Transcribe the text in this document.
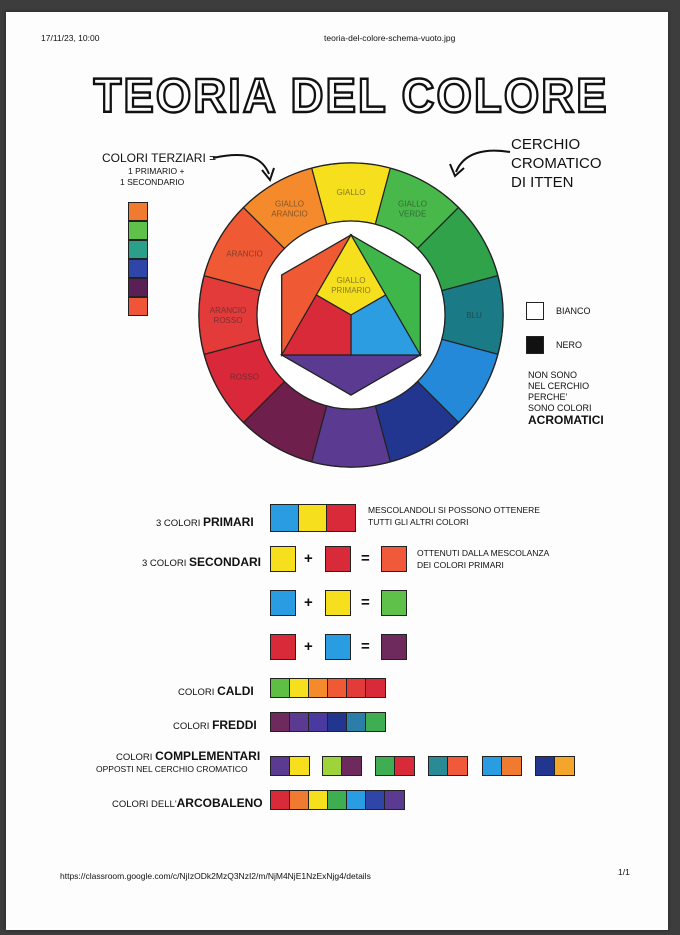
17/11/23, 10:00	teoria-del-colore-schema-vuoto.jpg
TEORIA DEL COLORE
COLORI TERZIARI =
1 PRIMARIO +
1 SECONDARIO
CERCHIO
CROMATICO
DI ITTEN
GIALLO
GIALLO
VERDE
BLU
ROSSO
ARANCIO
ROSSO
ARANCIO
GIALLO
ARANCIO
GIALLO
PRIMARIO
BIANCO
NERO
NON SONO
NEL CERCHIO
PERCHE'
SONO COLORI
ACROMATICI
3 COLORI PRIMARI
MESCOLANDOLI SI POSSONO OTTENERE
TUTTI GLI ALTRI COLORI
3 COLORI SECONDARI
OTTENUTI DALLA MESCOLANZA
DEI COLORI PRIMARI
+	=
+	=
+	=
COLORI CALDI
COLORI FREDDI
COLORI COMPLEMENTARI
OPPOSTI NEL CERCHIO CROMATICO
COLORI DELL'ARCOBALENO
https://classroom.google.com/c/NjIzODk2MzQ3NzI2/m/NjM4NjE1NzExNjg4/details	1/1
